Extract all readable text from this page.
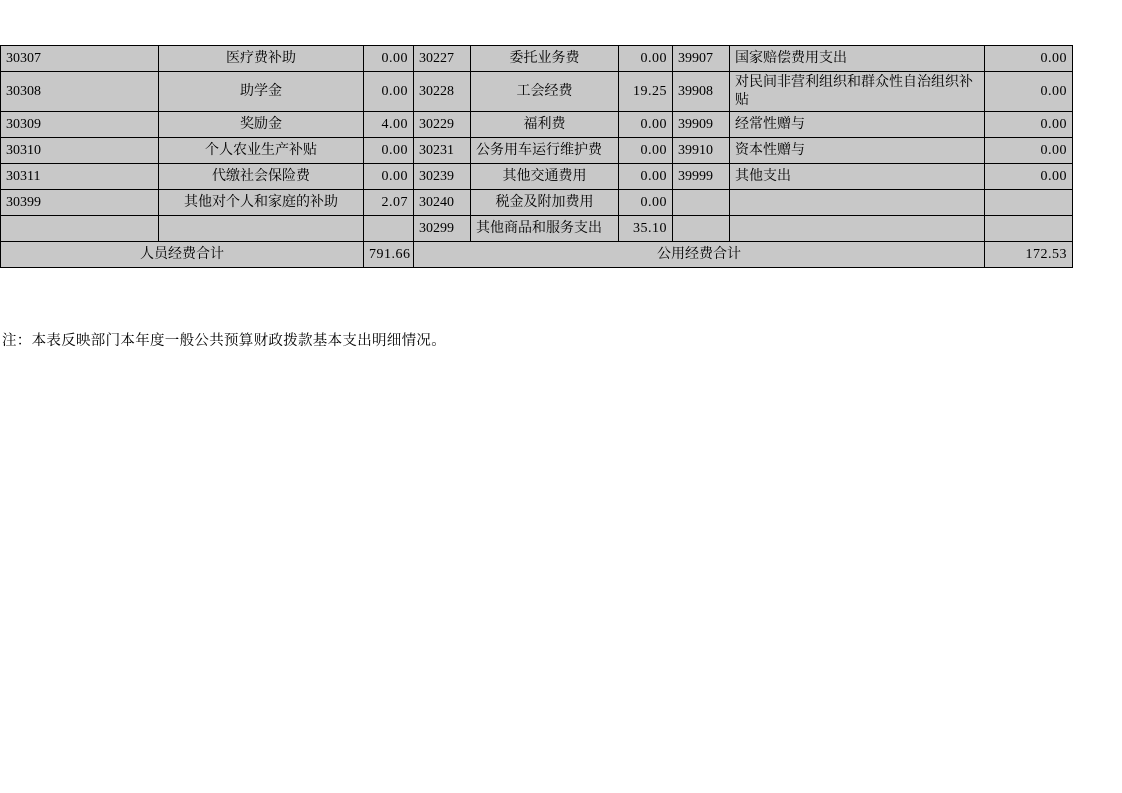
30307	医疗费补助	0.00	30227	委托业务费	0.00	39907	国家赔偿费用支出	0.00
30308	助学金	0.00	30228	工会经费	19.25	39908	对民间非营利组织和群众性自治组织补贴	0.00
30309	奖励金	4.00	30229	福利费	0.00	39909	经常性赠与	0.00
30310	个人农业生产补贴	0.00	30231	公务用车运行维护费	0.00	39910	资本性赠与	0.00
30311	代缴社会保险费	0.00	30239	其他交通费用	0.00	39999	其他支出	0.00
30399	其他对个人和家庭的补助	2.07	30240	税金及附加费用	0.00			
			30299	其他商品和服务支出	35.10			
人员经费合计		791.66	公用经费合计					172.53
注：本表反映部门本年度一般公共预算财政拨款基本支出明细情况。
